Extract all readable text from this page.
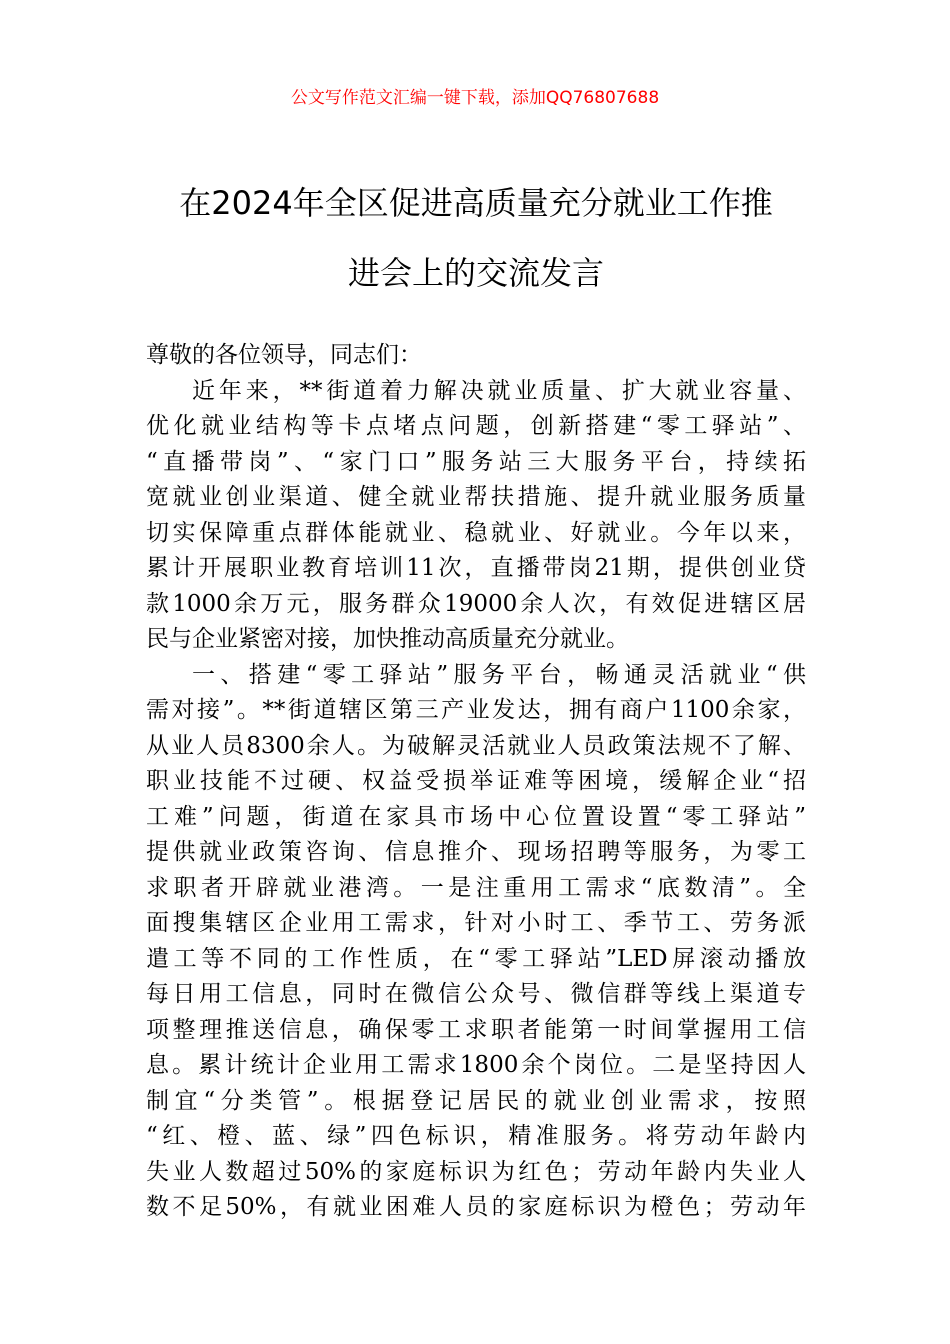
公文写作范文汇编一键下载，添加QQ76807688
在2024年全区促进高质量充分就业工作推
进会上的交流发言
尊敬的各位领导，同志们：
近年来，**街道着力解决就业质量、扩大就业容量、
优化就业结构等卡点堵点问题，创新搭建“零工驿站”、
“直播带岗”、“家门口”服务站三大服务平台，持续拓
宽就业创业渠道、健全就业帮扶措施、提升就业服务质量
切实保障重点群体能就业、稳就业、好就业。今年以来，
累计开展职业教育培训11次，直播带岗21期，提供创业贷
款1000余万元，服务群众19000余人次，有效促进辖区居
民与企业紧密对接，加快推动高质量充分就业。
一、搭建“零工驿站”服务平台，畅通灵活就业“供
需对接”。**街道辖区第三产业发达，拥有商户1100余家，
从业人员8300余人。为破解灵活就业人员政策法规不了解、
职业技能不过硬、权益受损举证难等困境，缓解企业“招
工难”问题，街道在家具市场中心位置设置“零工驿站”
提供就业政策咨询、信息推介、现场招聘等服务，为零工
求职者开辟就业港湾。一是注重用工需求“底数清”。全
面搜集辖区企业用工需求，针对小时工、季节工、劳务派
遣工等不同的工作性质，在“零工驿站”LED屏滚动播放
每日用工信息，同时在微信公众号、微信群等线上渠道专
项整理推送信息，确保零工求职者能第一时间掌握用工信
息。累计统计企业用工需求1800余个岗位。二是坚持因人
制宜“分类管”。根据登记居民的就业创业需求，按照
“红、橙、蓝、绿”四色标识，精准服务。将劳动年龄内
失业人数超过50%的家庭标识为红色；劳动年龄内失业人
数不足50%，有就业困难人员的家庭标识为橙色；劳动年
